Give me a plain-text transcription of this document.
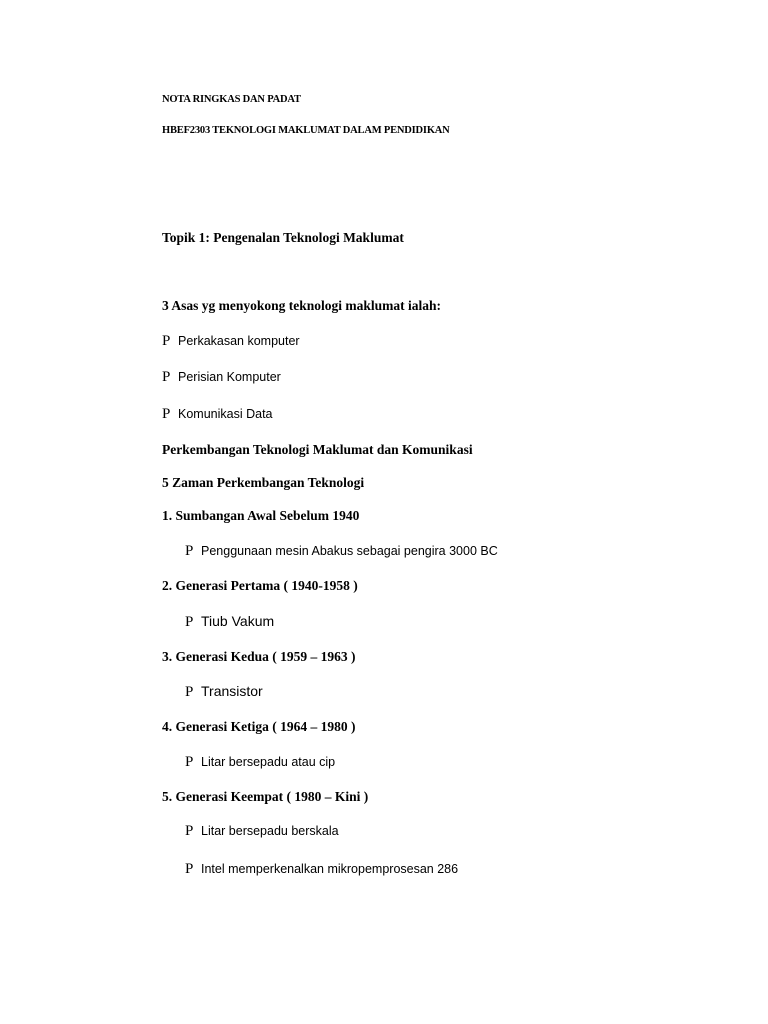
NOTA RINGKAS DAN PADAT
HBEF2303 TEKNOLOGI MAKLUMAT DALAM PENDIDIKAN
Topik 1: Pengenalan Teknologi Maklumat
3 Asas yg menyokong teknologi maklumat ialah:
P Perkakasan komputer
P Perisian Komputer
P Komunikasi Data
Perkembangan Teknologi Maklumat dan Komunikasi
5 Zaman Perkembangan Teknologi
1. Sumbangan Awal Sebelum 1940
P Penggunaan mesin Abakus sebagai pengira 3000 BC
2. Generasi Pertama ( 1940-1958 )
P Tiub Vakum
3. Generasi Kedua ( 1959 – 1963 )
P Transistor
4. Generasi Ketiga ( 1964 – 1980 )
P Litar bersepadu atau cip
5. Generasi Keempat ( 1980 – Kini )
P Litar bersepadu berskala
P Intel memperkenalkan mikropemprosesan 286
